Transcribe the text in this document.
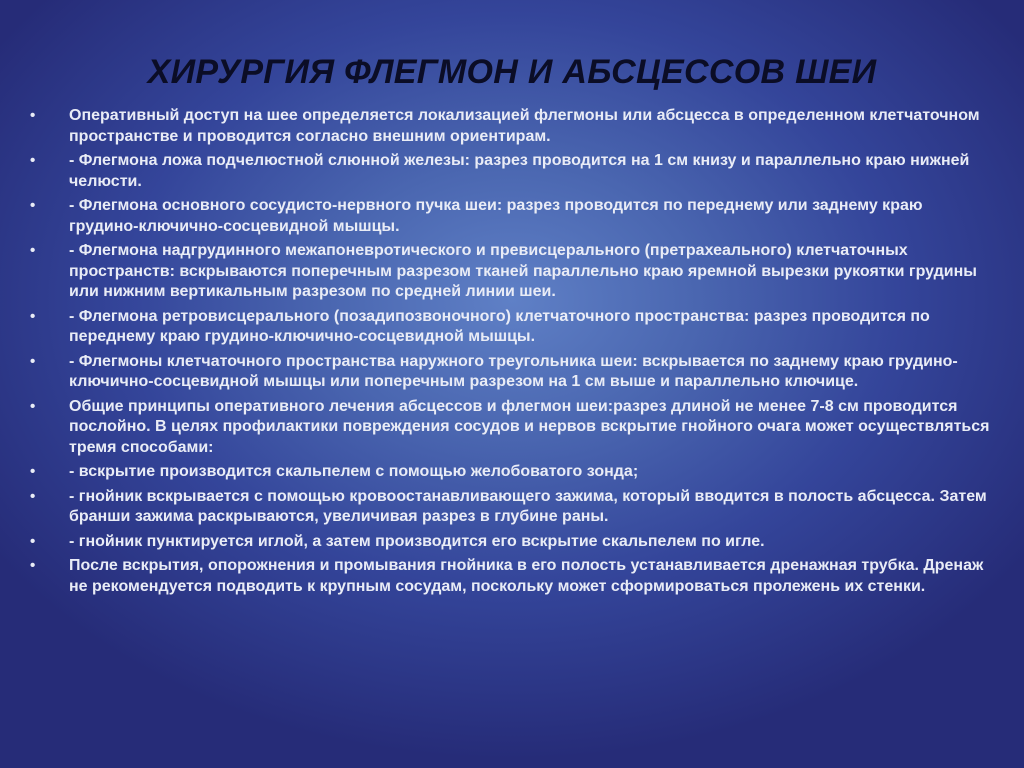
ХИРУРГИЯ ФЛЕГМОН И АБСЦЕССОВ ШЕИ
•	Оперативный доступ на шее определяется локализацией флегмоны или абсцесса в определенном клетчаточном пространстве и проводится согласно внешним ориентирам.
•	- Флегмона ложа подчелюстной слюнной железы: разрез проводится на 1 см книзу и параллельно краю нижней челюсти.
•	- Флегмона основного сосудисто-нервного пучка шеи: разрез проводится по переднему или заднему краю грудино-ключично-сосцевидной мышцы.
•	- Флегмона надгрудинного межапоневротического и превисцерального (претрахеального) клетчаточных пространств: вскрываются поперечным разрезом тканей параллельно краю яремной вырезки рукоятки грудины или нижним вертикальным разрезом по средней линии шеи.
•	- Флегмона ретровисцерального (позадипозвоночного) клетчаточного пространства: разрез проводится по переднему краю грудино-ключично-сосцевидной мышцы.
•	- Флегмоны клетчаточного пространства наружного треугольника шеи: вскрывается по заднему краю грудино-ключично-сосцевидной мышцы или поперечным разрезом на 1 см выше и параллельно ключице.
•	Общие принципы оперативного лечения абсцессов и флегмон шеи:разрез длиной не менее 7-8 см проводится послойно. В целях профилактики повреждения сосудов и нервов вскрытие гнойного очага может осуществляться тремя способами:
•	- вскрытие производится скальпелем с помощью желобоватого зонда;
•	- гнойник вскрывается с помощью кровоостанавливающего зажима, который вводится в полость абсцесса. Затем бранши зажима раскрываются, увеличивая разрез в глубине раны.
•	- гнойник пунктируется иглой, а затем производится его вскрытие скальпелем по игле.
•	После вскрытия, опорожнения и промывания гнойника в его полость устанавливается дренажная трубка. Дренаж не рекомендуется подводить к крупным сосудам, поскольку может сформироваться пролежень их стенки.
